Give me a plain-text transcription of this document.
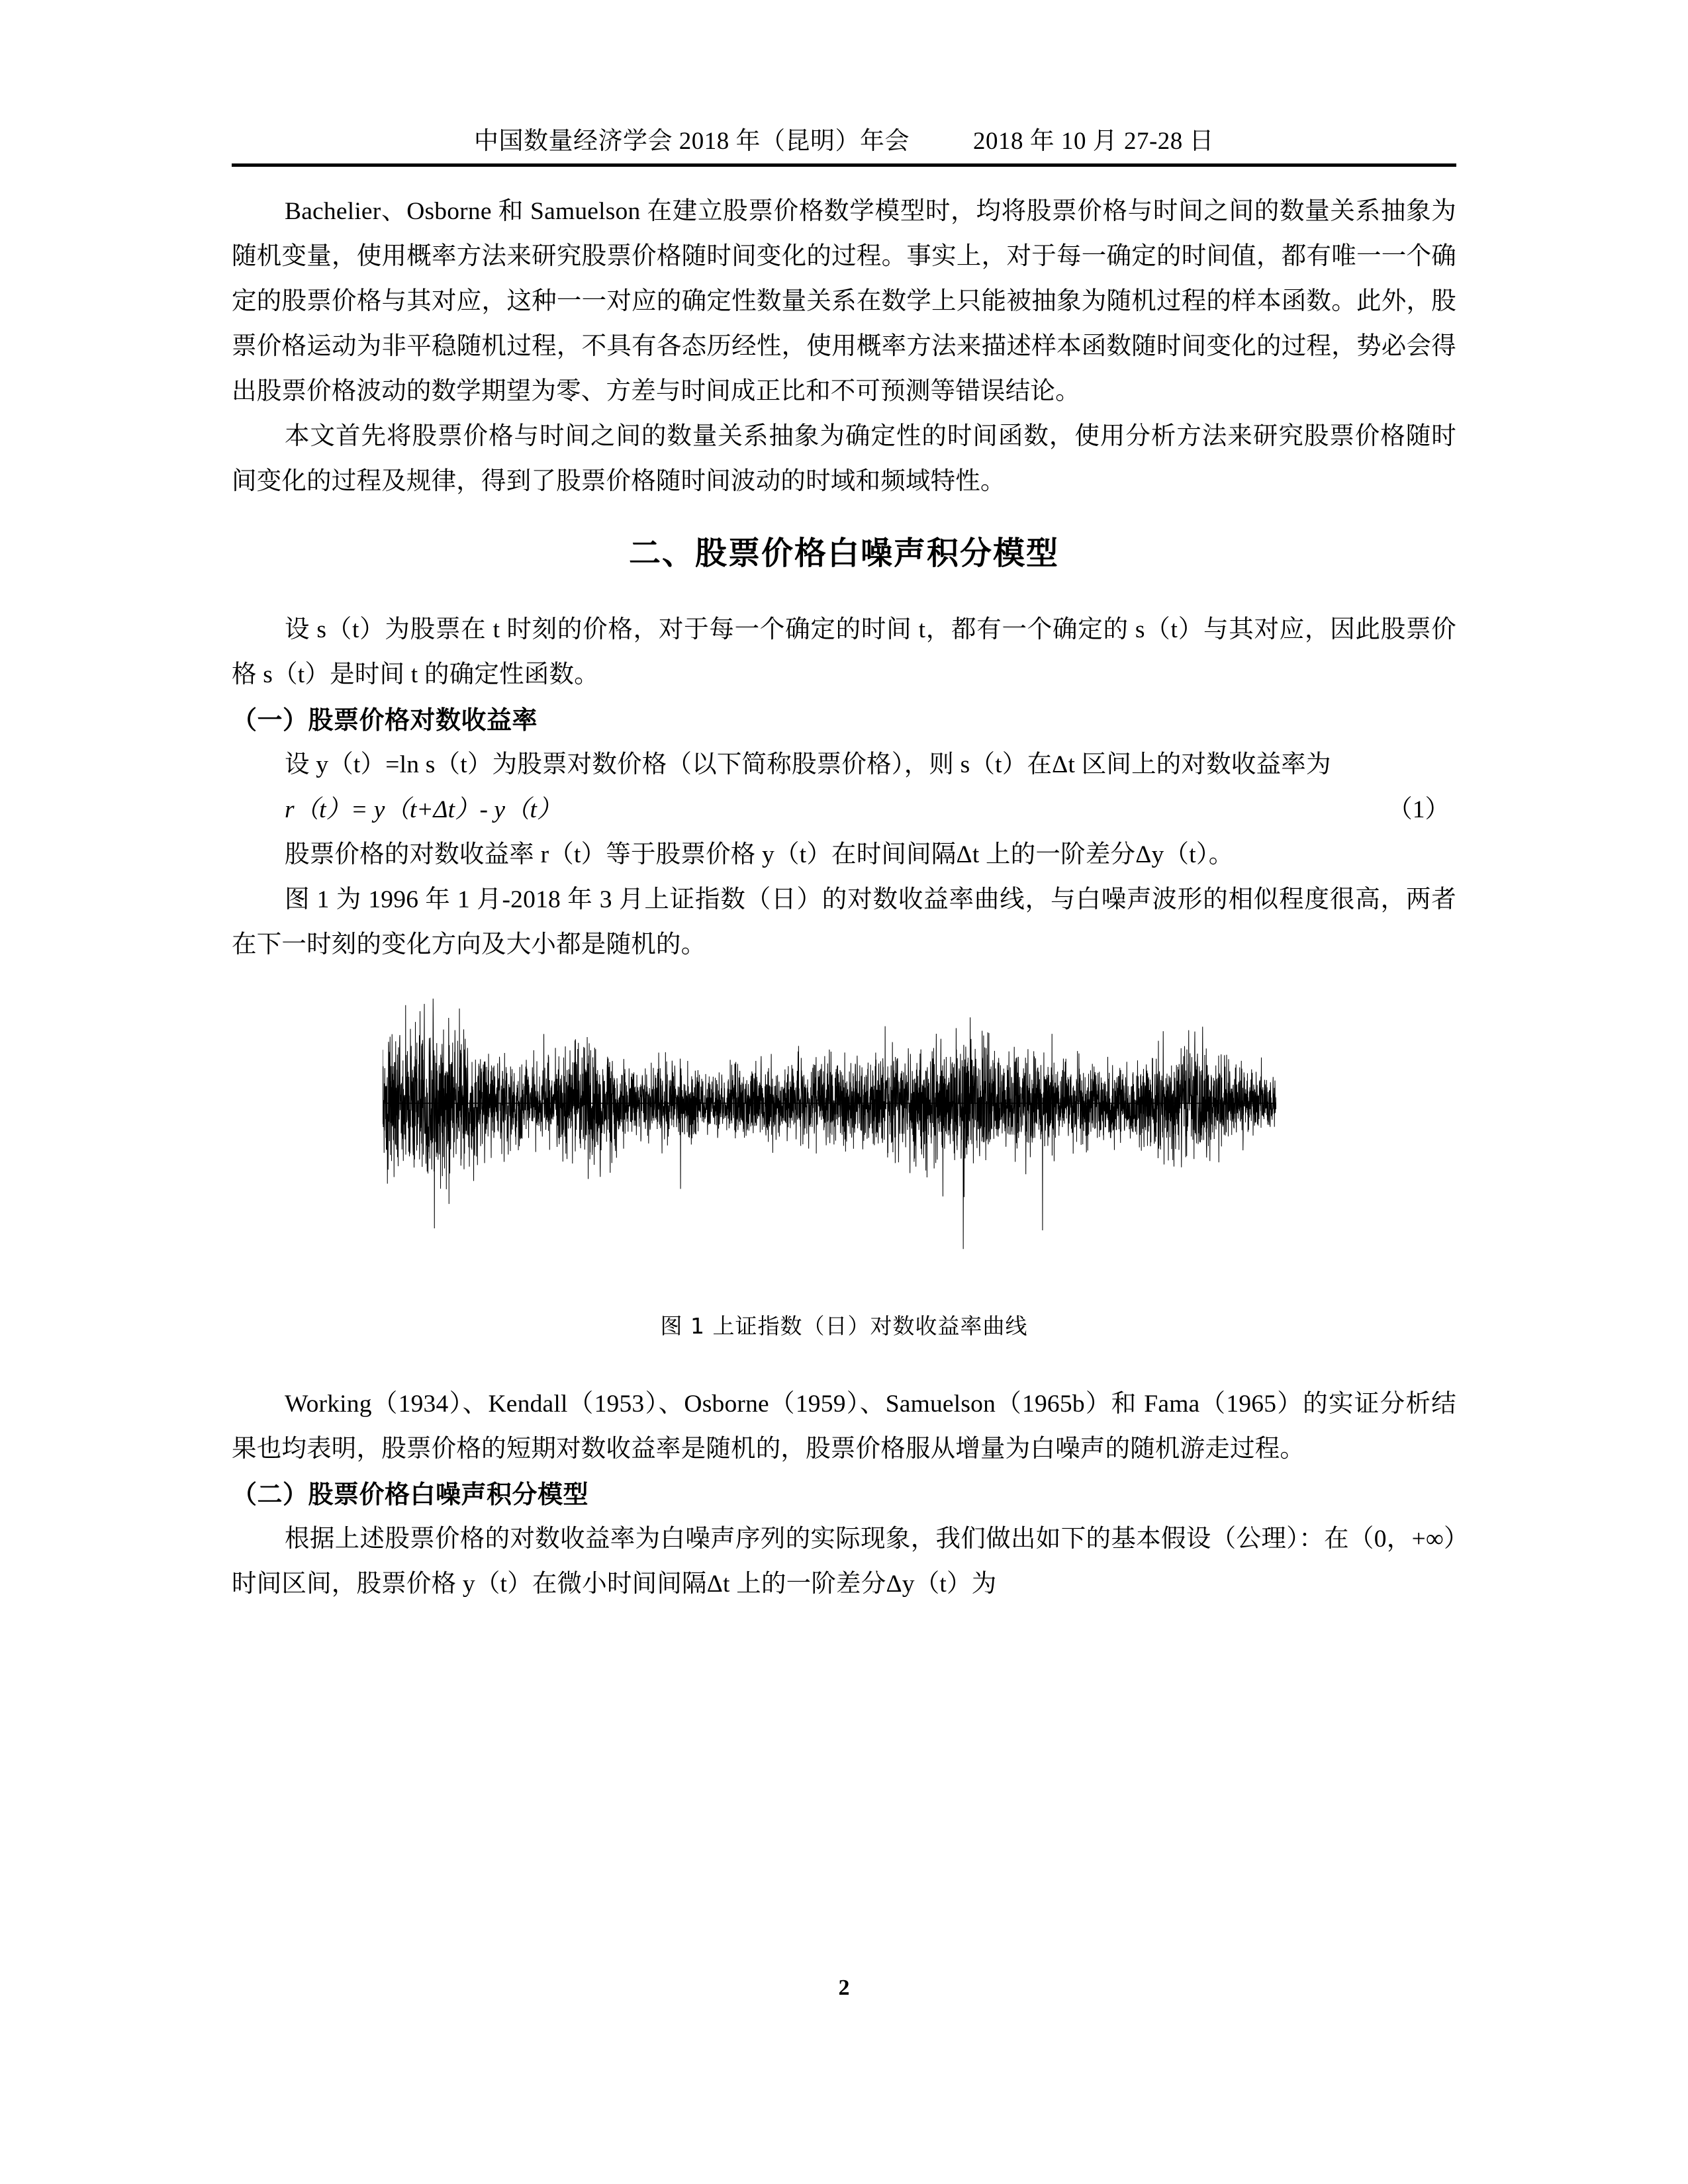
中国数量经济学会 2018 年（昆明）年会	2018 年 10 月 27-28 日

Bachelier、Osborne 和 Samuelson 在建立股票价格数学模型时，均将股票价格与时间之间的数量关系抽象为随机变量，使用概率方法来研究股票价格随时间变化的过程。事实上，对于每一确定的时间值，都有唯一一个确定的股票价格与其对应，这种一一对应的确定性数量关系在数学上只能被抽象为随机过程的样本函数。此外，股票价格运动为非平稳随机过程，不具有各态历经性，使用概率方法来描述样本函数随时间变化的过程，势必会得出股票价格波动的数学期望为零、方差与时间成正比和不可预测等错误结论。

本文首先将股票价格与时间之间的数量关系抽象为确定性的时间函数，使用分析方法来研究股票价格随时间变化的过程及规律，得到了股票价格随时间波动的时域和频域特性。

二、股票价格白噪声积分模型

设 s（t）为股票在 t 时刻的价格，对于每一个确定的时间 t，都有一个确定的 s（t）与其对应，因此股票价格 s（t）是时间 t 的确定性函数。

（一）股票价格对数收益率

设 y（t）=ln s（t）为股票对数价格（以下简称股票价格），则 s（t）在Δt 区间上的对数收益率为

r（t）= y（t+Δt）- y（t）	（1）

股票价格的对数收益率 r（t）等于股票价格 y（t）在时间间隔Δt 上的一阶差分Δy（t）。

图 1 为 1996 年 1 月-2018 年 3 月上证指数（日）的对数收益率曲线，与白噪声波形的相似程度很高，两者在下一时刻的变化方向及大小都是随机的。

图 1 上证指数（日）对数收益率曲线

Working（1934）、Kendall（1953）、Osborne（1959）、Samuelson（1965b）和 Fama（1965）的实证分析结果也均表明，股票价格的短期对数收益率是随机的，股票价格服从增量为白噪声的随机游走过程。

（二）股票价格白噪声积分模型

根据上述股票价格的对数收益率为白噪声序列的实际现象，我们做出如下的基本假设（公理）：在（0，+∞）时间区间，股票价格 y（t）在微小时间间隔Δt 上的一阶差分Δy（t）为

2
